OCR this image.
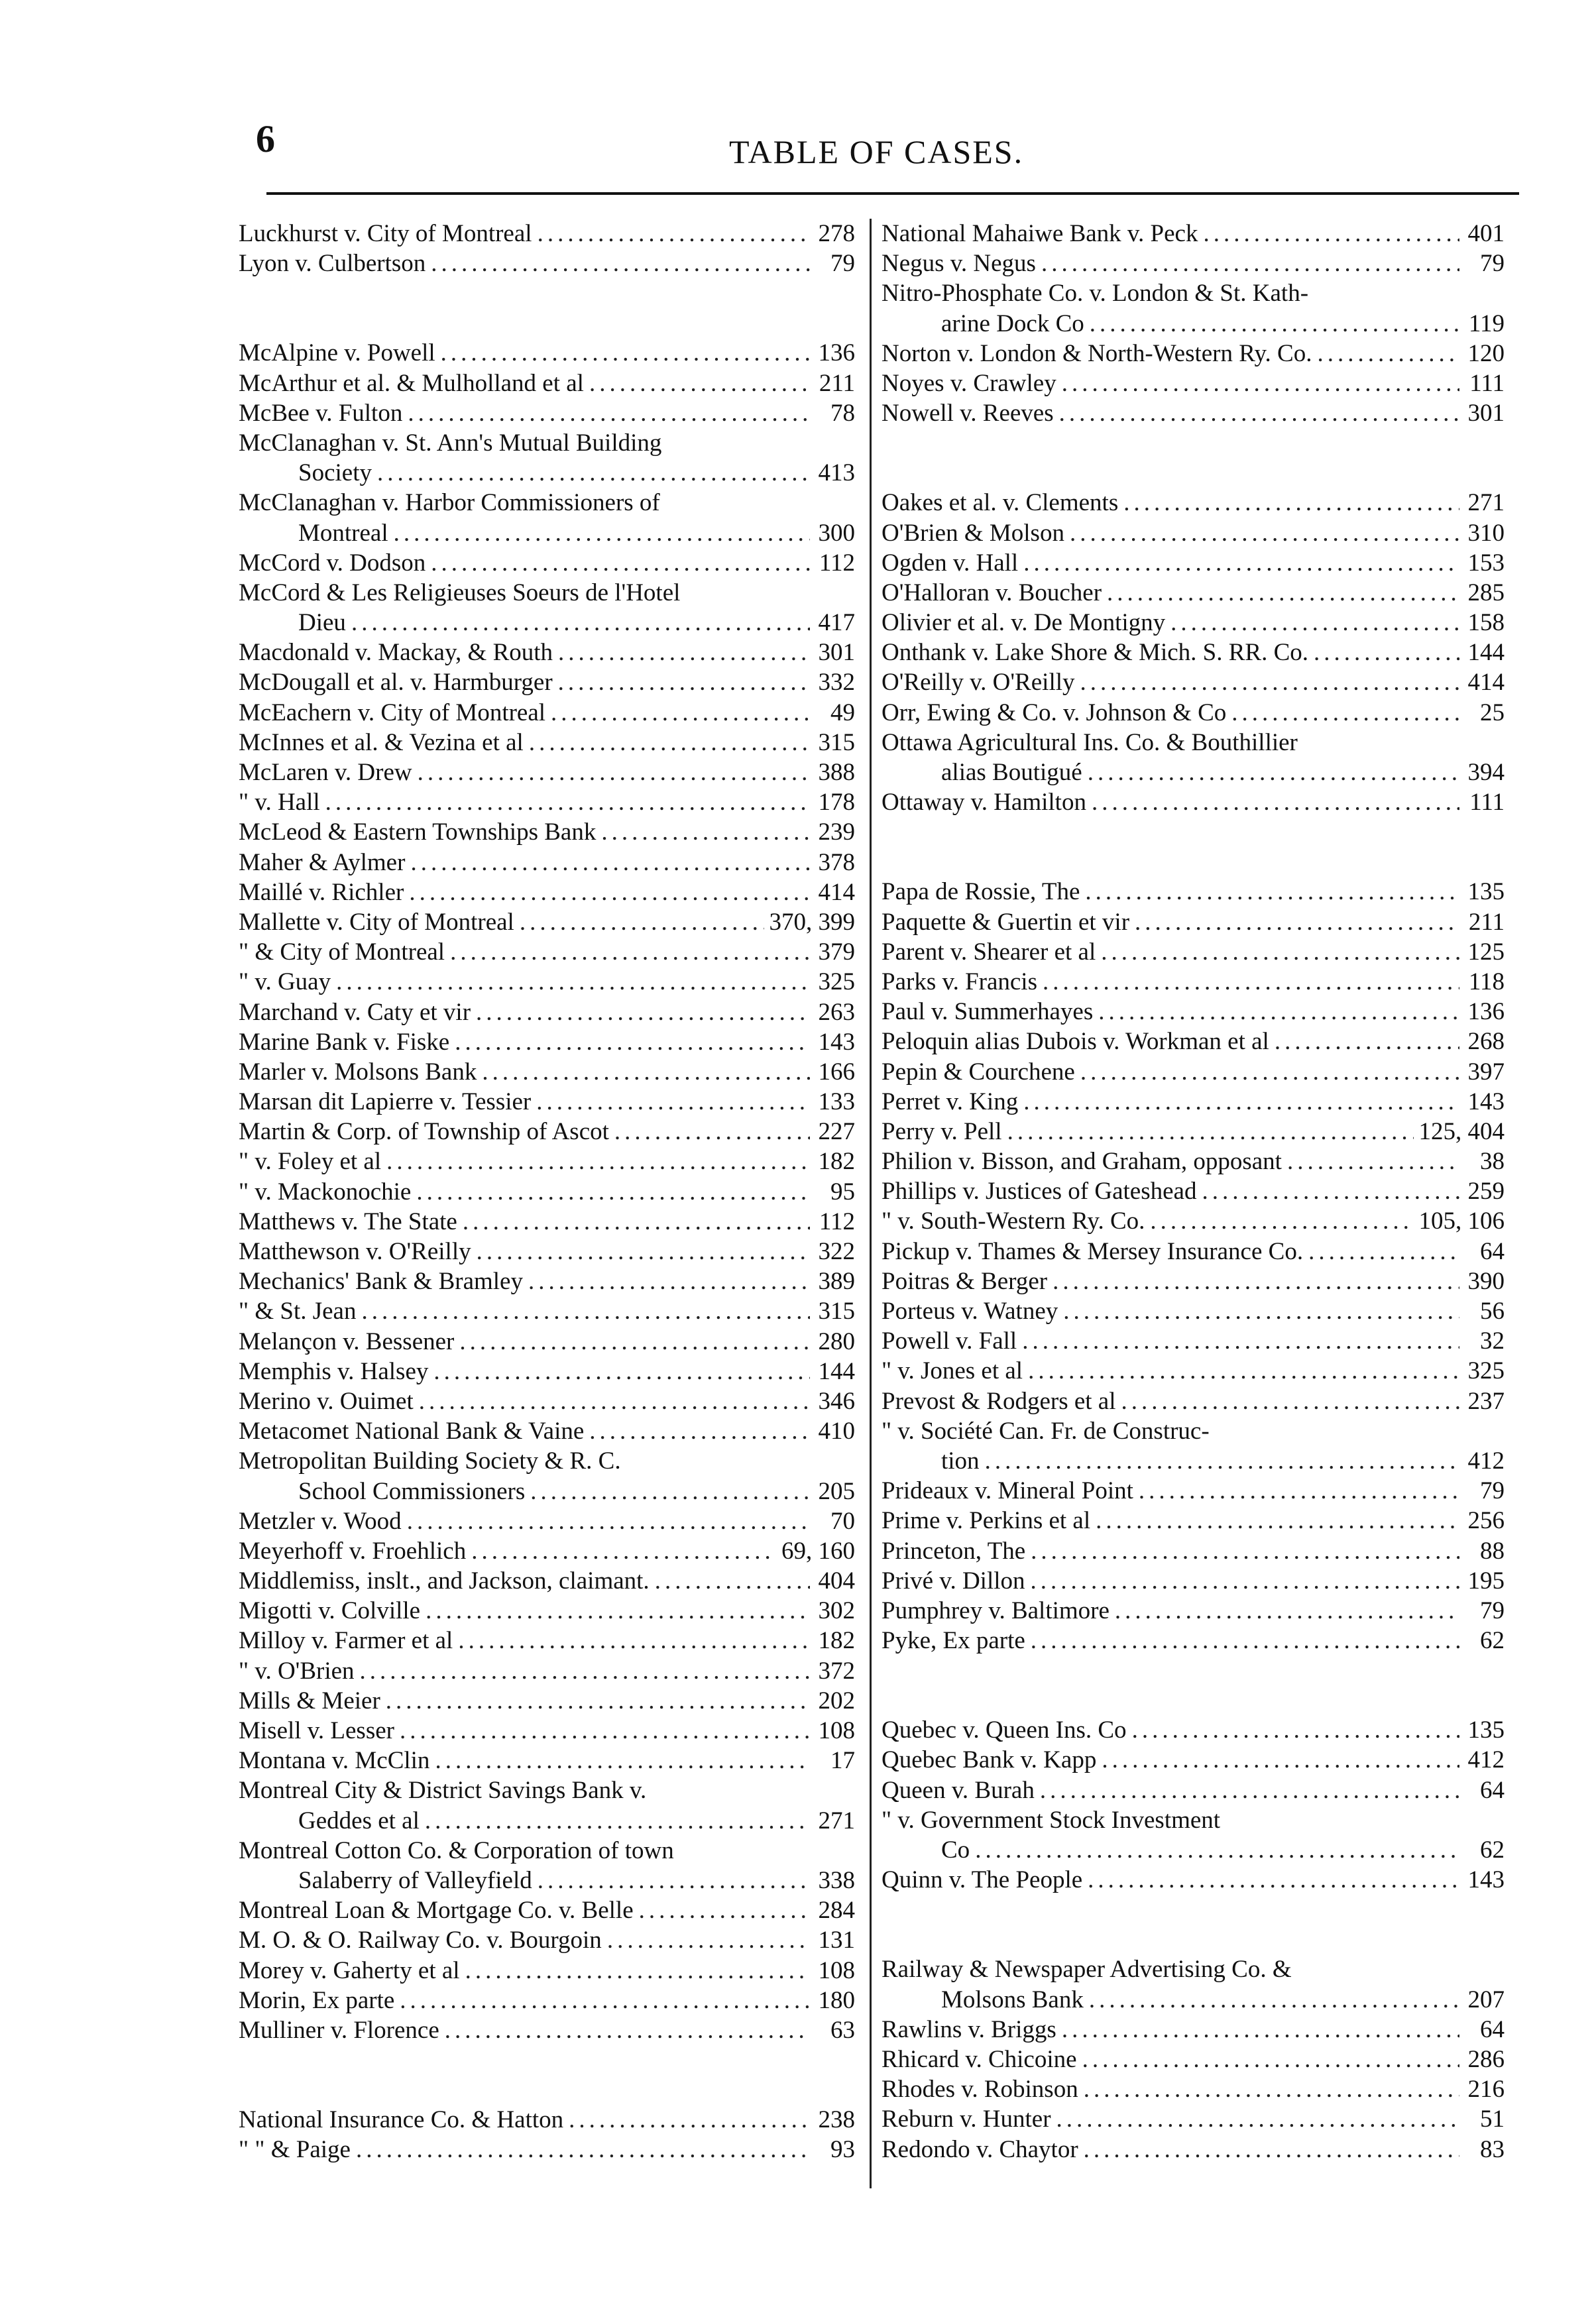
6	TABLE OF CASES.
Luckhurst v. City of Montreal .....	278
Lyon v. Culbertson .....	79
McAlpine v. Powell .....	136
McArthur et al. & Mulholland et al .....	211
McBee v. Fulton .....	78
McClanaghan v. St. Ann's Mutual Building
Society .....	413
McClanaghan v. Harbor Commissioners of
Montreal .....	300
McCord v. Dodson .....	112
McCord & Les Religieuses Soeurs de l'Hotel
Dieu .....	417
Macdonald v. Mackay, & Routh .....	301
McDougall et al. v. Harmburger .....	332
McEachern v. City of Montreal .....	49
McInnes et al. & Vezina et al .....	315
McLaren v. Drew .....	388
" v. Hall .....	178
McLeod & Eastern Townships Bank .....	239
Maher & Aylmer .....	378
Maillé v. Richler .....	414
Mallette v. City of Montreal .....	370, 399
" & City of Montreal .....	379
" v. Guay .....	325
Marchand v. Caty et vir .....	263
Marine Bank v. Fiske .....	143
Marler v. Molsons Bank .....	166
Marsan dit Lapierre v. Tessier .....	133
Martin & Corp. of Township of Ascot .....	227
" v. Foley et al .....	182
" v. Mackonochie .....	95
Matthews v. The State .....	112
Matthewson v. O'Reilly .....	322
Mechanics' Bank & Bramley .....	389
" & St. Jean .....	315
Melançon v. Bessener .....	280
Memphis v. Halsey .....	144
Merino v. Ouimet .....	346
Metacomet National Bank & Vaine .....	410
Metropolitan Building Society & R. C.
School Commissioners .....	205
Metzler v. Wood .....	70
Meyerhoff v. Froehlich .....	69, 160
Middlemiss, inslt., and Jackson, claimant. .....	404
Migotti v. Colville .....	302
Milloy v. Farmer et al .....	182
" v. O'Brien .....	372
Mills & Meier .....	202
Misell v. Lesser .....	108
Montana v. McClin .....	17
Montreal City & District Savings Bank v.
Geddes et al .....	271
Montreal Cotton Co. & Corporation of town
Salaberry of Valleyfield .....	338
Montreal Loan & Mortgage Co. v. Belle .....	284
M. O. & O. Railway Co. v. Bourgoin .....	131
Morey v. Gaherty et al .....	108
Morin, Ex parte .....	180
Mulliner v. Florence .....	63
National Insurance Co. & Hatton .....	238
" " & Paige .....	93
National Mahaiwe Bank v. Peck .....	401
Negus v. Negus .....	79
Nitro-Phosphate Co. v. London & St. Kath-
arine Dock Co .....	119
Norton v. London & North-Western Ry. Co. .....	120
Noyes v. Crawley .....	111
Nowell v. Reeves .....	301
Oakes et al. v. Clements .....	271
O'Brien & Molson .....	310
Ogden v. Hall .....	153
O'Halloran v. Boucher .....	285
Olivier et al. v. De Montigny .....	158
Onthank v. Lake Shore & Mich. S. RR. Co. .....	144
O'Reilly v. O'Reilly .....	414
Orr, Ewing & Co. v. Johnson & Co .....	25
Ottawa Agricultural Ins. Co. & Bouthillier
alias Boutigué .....	394
Ottaway v. Hamilton .....	111
Papa de Rossie, The .....	135
Paquette & Guertin et vir .....	211
Parent v. Shearer et al .....	125
Parks v. Francis .....	118
Paul v. Summerhayes .....	136
Peloquin alias Dubois v. Workman et al .....	268
Pepin & Courchene .....	397
Perret v. King .....	143
Perry v. Pell .....	125, 404
Philion v. Bisson, and Graham, opposant .....	38
Phillips v. Justices of Gateshead .....	259
" v. South-Western Ry. Co. .....	105, 106
Pickup v. Thames & Mersey Insurance Co. .....	64
Poitras & Berger .....	390
Porteus v. Watney .....	56
Powell v. Fall .....	32
" v. Jones et al .....	325
Prevost & Rodgers et al .....	237
" v. Société Can. Fr. de Construc-
tion .....	412
Prideaux v. Mineral Point .....	79
Prime v. Perkins et al .....	256
Princeton, The .....	88
Privé v. Dillon .....	195
Pumphrey v. Baltimore .....	79
Pyke, Ex parte .....	62
Quebec v. Queen Ins. Co .....	135
Quebec Bank v. Kapp .....	412
Queen v. Burah .....	64
" v. Government Stock Investment
Co .....	62
Quinn v. The People .....	143
Railway & Newspaper Advertising Co. &
Molsons Bank .....	207
Rawlins v. Briggs .....	64
Rhicard v. Chicoine .....	286
Rhodes v. Robinson .....	216
Reburn v. Hunter .....	51
Redondo v. Chaytor .....	83
